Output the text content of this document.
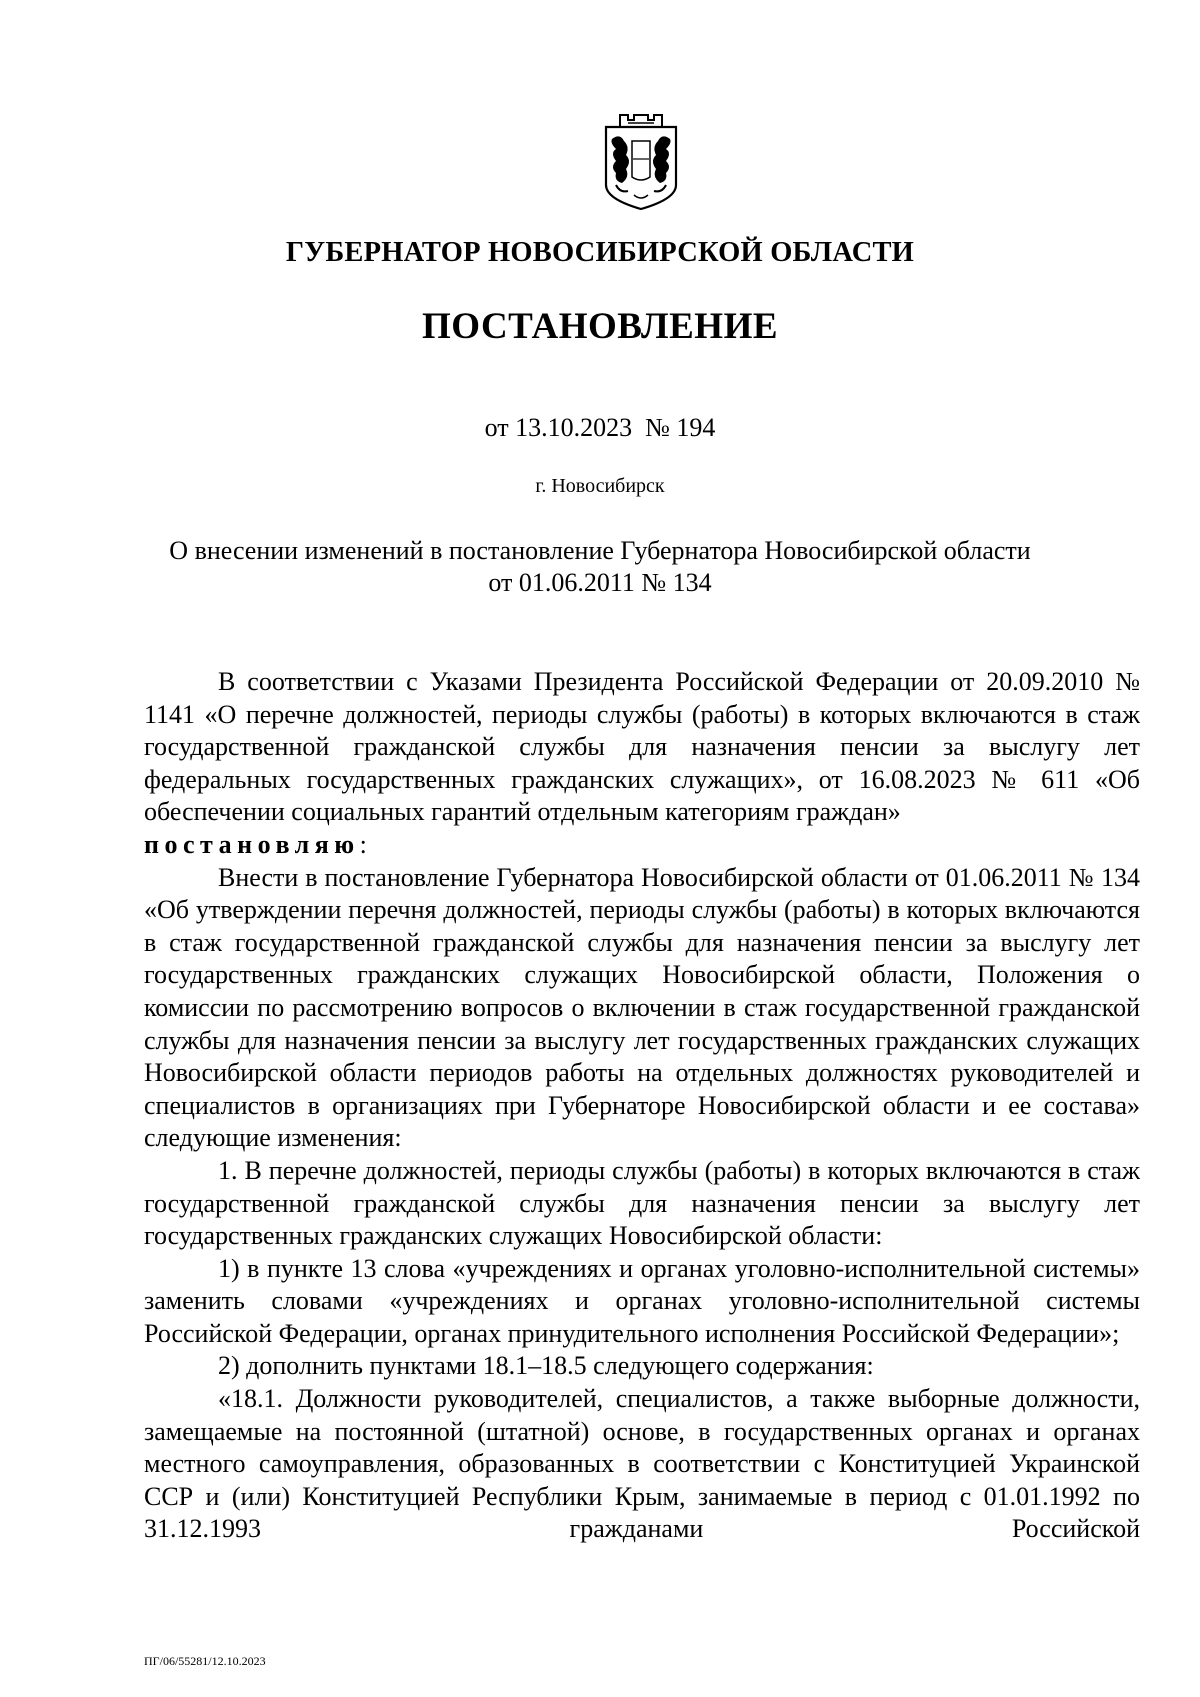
ГУБЕРНАТОР НОВОСИБИРСКОЙ ОБЛАСТИ
ПОСТАНОВЛЕНИЕ
от 13.10.2023  № 194
г. Новосибирск
О внесении изменений в постановление Губернатора Новосибирской области
от 01.06.2011 № 134

В соответствии с Указами Президента Российской Федерации от 20.09.2010 № 1141 «О перечне должностей, периоды службы (работы) в которых включаются в стаж государственной гражданской службы для назначения пенсии за выслугу лет федеральных государственных гражданских служащих», от 16.08.2023 № 611 «Об обеспечении социальных гарантий отдельным категориям граждан»

постановляю:

Внести в постановление Губернатора Новосибирской области от 01.06.2011 № 134 «Об утверждении перечня должностей, периоды службы (работы) в которых включаются в стаж государственной гражданской службы для назначения пенсии за выслугу лет государственных гражданских служащих Новосибирской области, Положения о комиссии по рассмотрению вопросов о включении в стаж государственной гражданской службы для назначения пенсии за выслугу лет государственных гражданских служащих Новосибирской области периодов работы на отдельных должностях руководителей и специалистов в организациях при Губернаторе Новосибирской области и ее состава» следующие изменения:

1. В перечне должностей, периоды службы (работы) в которых включаются в стаж государственной гражданской службы для назначения пенсии за выслугу лет государственных гражданских служащих Новосибирской области:

1) в пункте 13 слова «учреждениях и органах уголовно-исполнительной системы» заменить словами «учреждениях и органах уголовно-исполнительной системы Российской Федерации, органах принудительного исполнения Российской Федерации»;

2) дополнить пунктами 18.1–18.5 следующего содержания:

«18.1. Должности руководителей, специалистов, а также выборные должности, замещаемые на постоянной (штатной) основе, в государственных органах и органах местного самоуправления, образованных в соответствии с Конституцией Украинской ССР и (или) Конституцией Республики Крым, занимаемые в период с 01.01.1992 по 31.12.1993 гражданами Российской

ПГ/06/55281/12.10.2023
